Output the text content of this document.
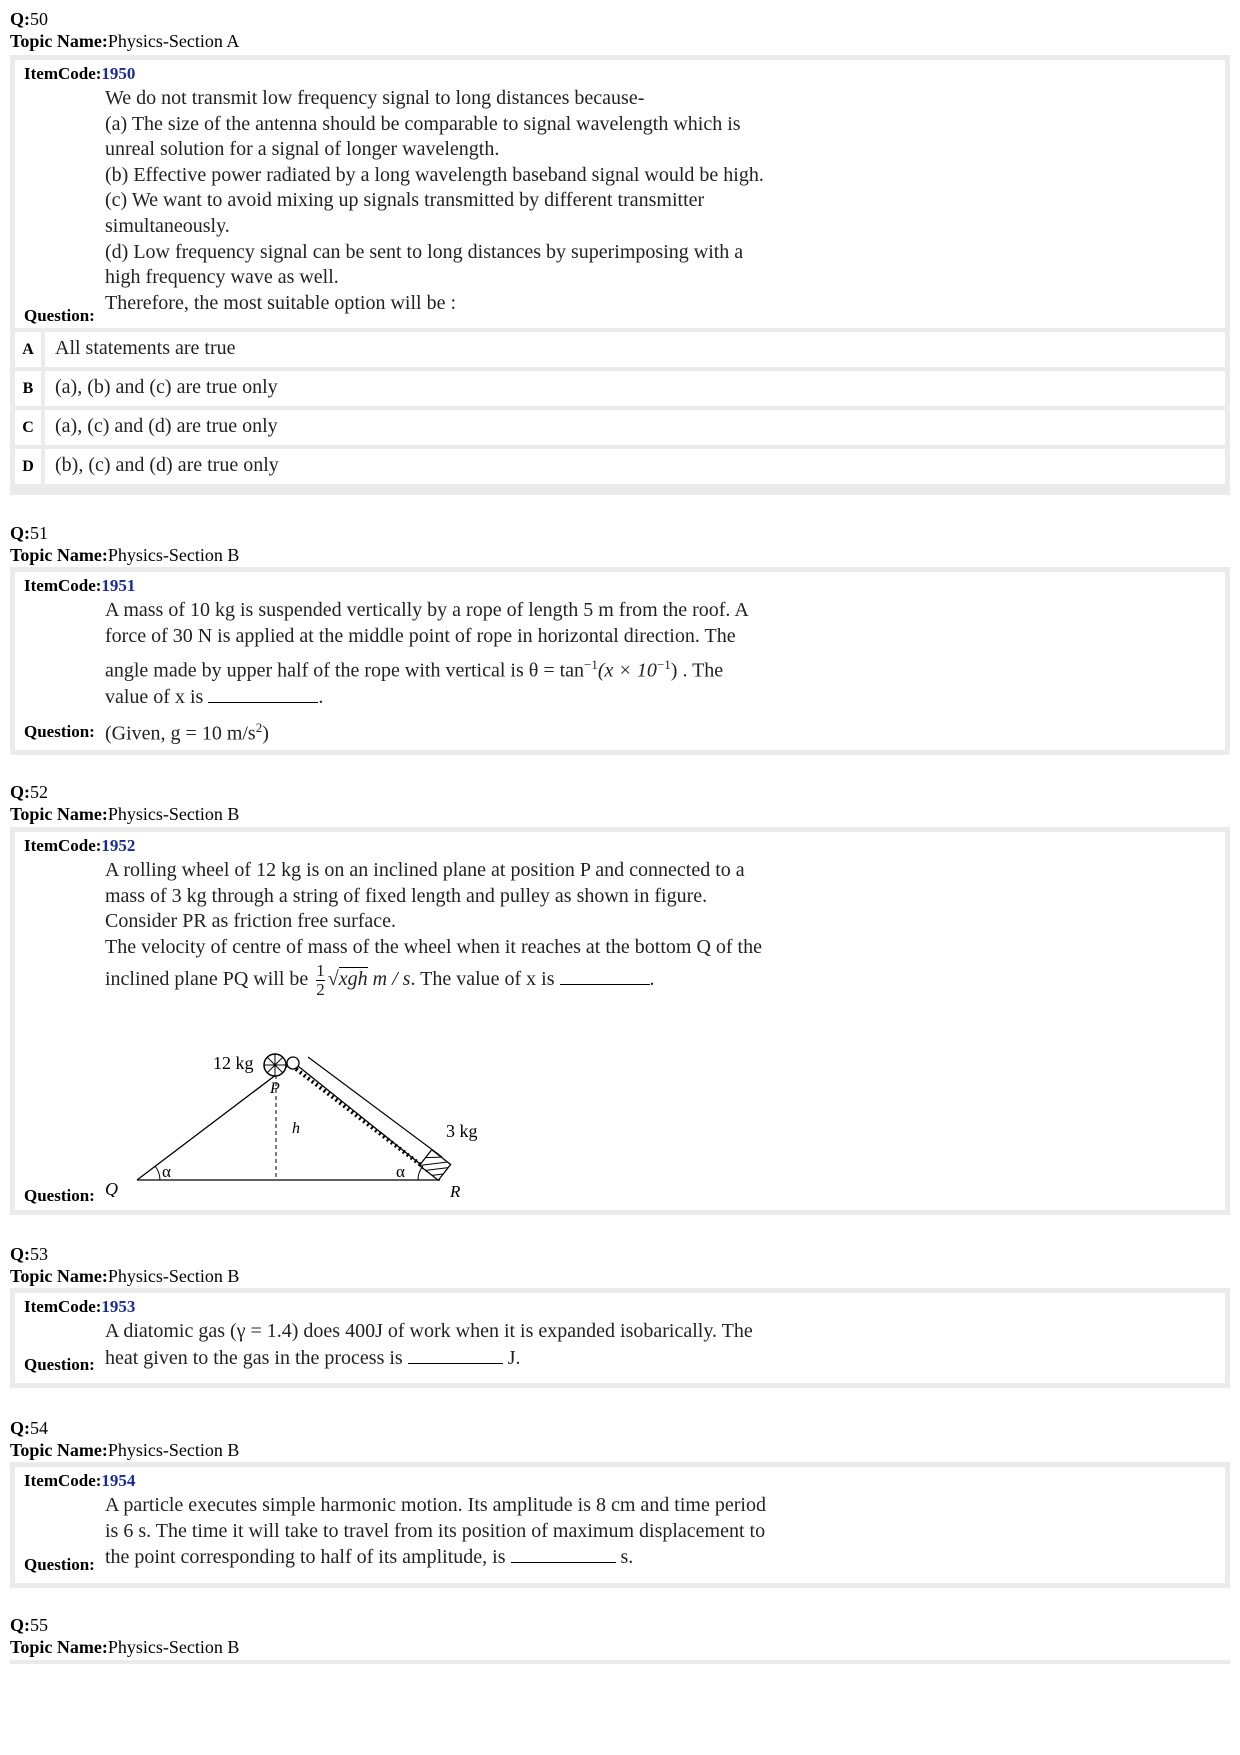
Q:50
Topic Name:Physics-Section A
ItemCode:1950
We do not transmit low frequency signal to long distances because-
(a) The size of the antenna should be comparable to signal wavelength which is
unreal solution for a signal of longer wavelength.
(b) Effective power radiated by a long wavelength baseband signal would be high.
(c) We want to avoid mixing up signals transmitted by different transmitter
simultaneously.
(d) Low frequency signal can be sent to long distances by superimposing with a
high frequency wave as well.
Therefore, the most suitable option will be :
Question:
A	All statements are true
B	(a), (b) and (c) are true only
C	(a), (c) and (d) are true only
D	(b), (c) and (d) are true only
Q:51
Topic Name:Physics-Section B
ItemCode:1951
A mass of 10 kg is suspended vertically by a rope of length 5 m from the roof. A
force of 30 N is applied at the middle point of rope in horizontal direction. The
angle made by upper half of the rope with vertical is $\theta = \tan^{-1}(x \times 10^{-1})$ . The
value of x is	.
(Given, g = 10 $m/s^2$)
Question:
Q:52
Topic Name:Physics-Section B
ItemCode:1952
A rolling wheel of 12 kg is on an inclined plane at position P and connected to a
mass of 3 kg through a string of fixed length and pulley as shown in figure.
Consider PR as friction free surface.
The velocity of centre of mass of the wheel when it reaches at the bottom Q of the
inclined plane PQ will be $\frac{1}{2} √xgh$ m / s. The value of x is	.
12 kg
3 kg
P
h
Q	R
α	α
Question:
Q:53
Topic Name:Physics-Section B
ItemCode:1953
A diatomic gas (γ = 1.4) does 400J of work when it is expanded isobarically. The
heat given to the gas in the process is	J.
Question:
Q:54
Topic Name:Physics-Section B
ItemCode:1954
A particle executes simple harmonic motion. Its amplitude is 8 cm and time period
is 6 s. The time it will take to travel from its position of maximum displacement to
the point corresponding to half of its amplitude, is	s.
Question:
Q:55
Topic Name:Physics-Section B
